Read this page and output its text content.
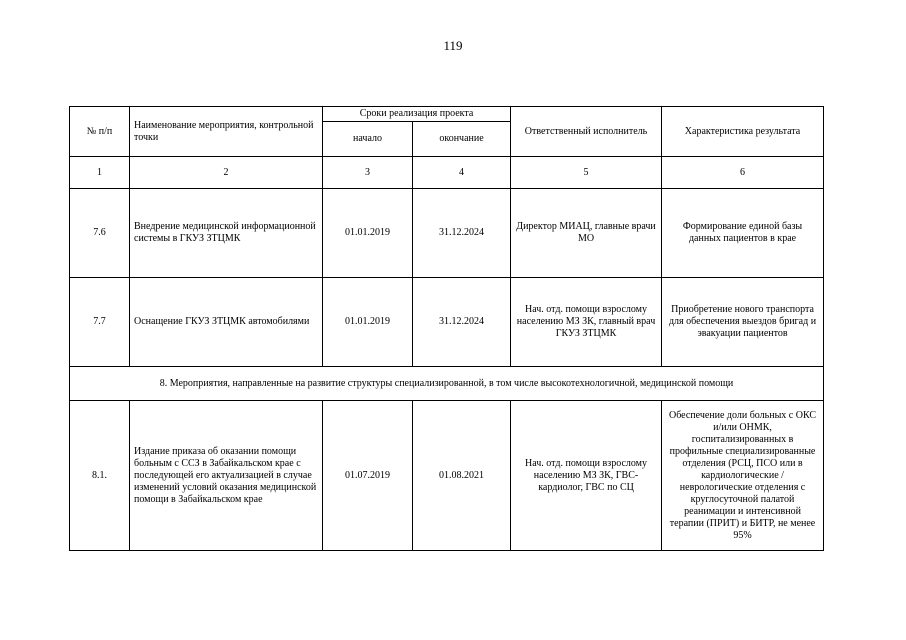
119
№ п/п	Наименование мероприятия, контрольной точки	Сроки реализация проекта		Ответственный исполнитель	Характеристика результата
		начало	окончание		
1	2	3	4	5	6
7.6	Внедрение медицинской информационной системы в ГКУЗ ЗТЦМК	01.01.2019	31.12.2024	Директор МИАЦ, главные врачи МО	Формирование единой базы данных пациентов в крае
7.7	Оснащение ГКУЗ ЗТЦМК автомобилями	01.01.2019	31.12.2024	Нач. отд. помощи взрослому населению МЗ ЗК, главный врач ГКУЗ ЗТЦМК	Приобретение нового транспорта для обеспечения выездов бригад и эвакуации пациентов
8. Мероприятия, направленные на развитие структуры специализированной, в том числе высокотехнологичной, медицинской помощи					
8.1.	Издание приказа об оказании помощи больным с ССЗ в Забайкальском крае с последующей его актуализацией в случае изменений условий оказания медицинской помощи в Забайкальском крае	01.07.2019	01.08.2021	Нач. отд. помощи взрослому населению МЗ ЗК, ГВС-кардиолог, ГВС по СЦ	Обеспечение доли больных с ОКС и/или ОНМК, госпитализированных в профильные специализированные отделения (РСЦ, ПСО или в кардиологические / неврологические отделения с круглосуточной палатой реанимации и интенсивной терапии (ПРИТ) и БИТР, не менее 95%
